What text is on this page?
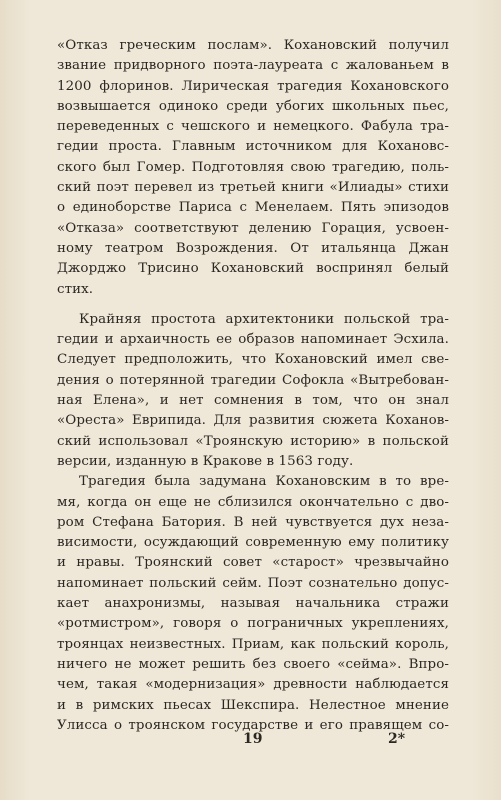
«Отказ греческим послам». Кохановский получил
звание придворного поэта-лауреата с жалованьем в
1200 флоринов. Лирическая трагедия Кохановского
возвышается одиноко среди убогих школьных пьес,
переведенных с чешского и немецкого. Фабула тра-
гедии проста. Главным источником для Кохановс-
ского был Гомер. Подготовляя свою трагедию, поль-
ский поэт перевел из третьей книги «Илиады» стихи
о единоборстве Париса с Менелаем. Пять эпизодов
«Отказа» соответствуют делению Горация, усвоен-
ному театром Возрождения. От итальянца Джан
Джорджо Трисино Кохановский воспринял белый
стих.
Крайняя простота архитектоники польской тра-
гедии и архаичность ее образов напоминает Эсхила.
Следует предположить, что Кохановский имел све-
дения о потерянной трагедии Софокла «Вытребован-
ная Елена», и нет сомнения в том, что он знал
«Ореста» Еврипида. Для развития сюжета Коханов-
ский использовал «Троянскую историю» в польской
версии, изданную в Кракове в 1563 году.
Трагедия была задумана Кохановским в то вре-
мя, когда он еще не сблизился окончательно с дво-
ром Стефана Батория. В ней чувствуется дух неза-
висимости, осуждающий современную ему политику
и нравы. Троянский совет «старост» чрезвычайно
напоминает польский сейм. Поэт сознательно допус-
кает анахронизмы, называя начальника стражи
«ротмистром», говоря о пограничных укреплениях,
троянцах неизвестных. Приам, как польский король,
ничего не может решить без своего «сейма». Впро-
чем, такая «модернизация» древности наблюдается
и в римских пьесах Шекспира. Нелестное мнение
Улисса о троянском государстве и его правящем со-
19	2*
